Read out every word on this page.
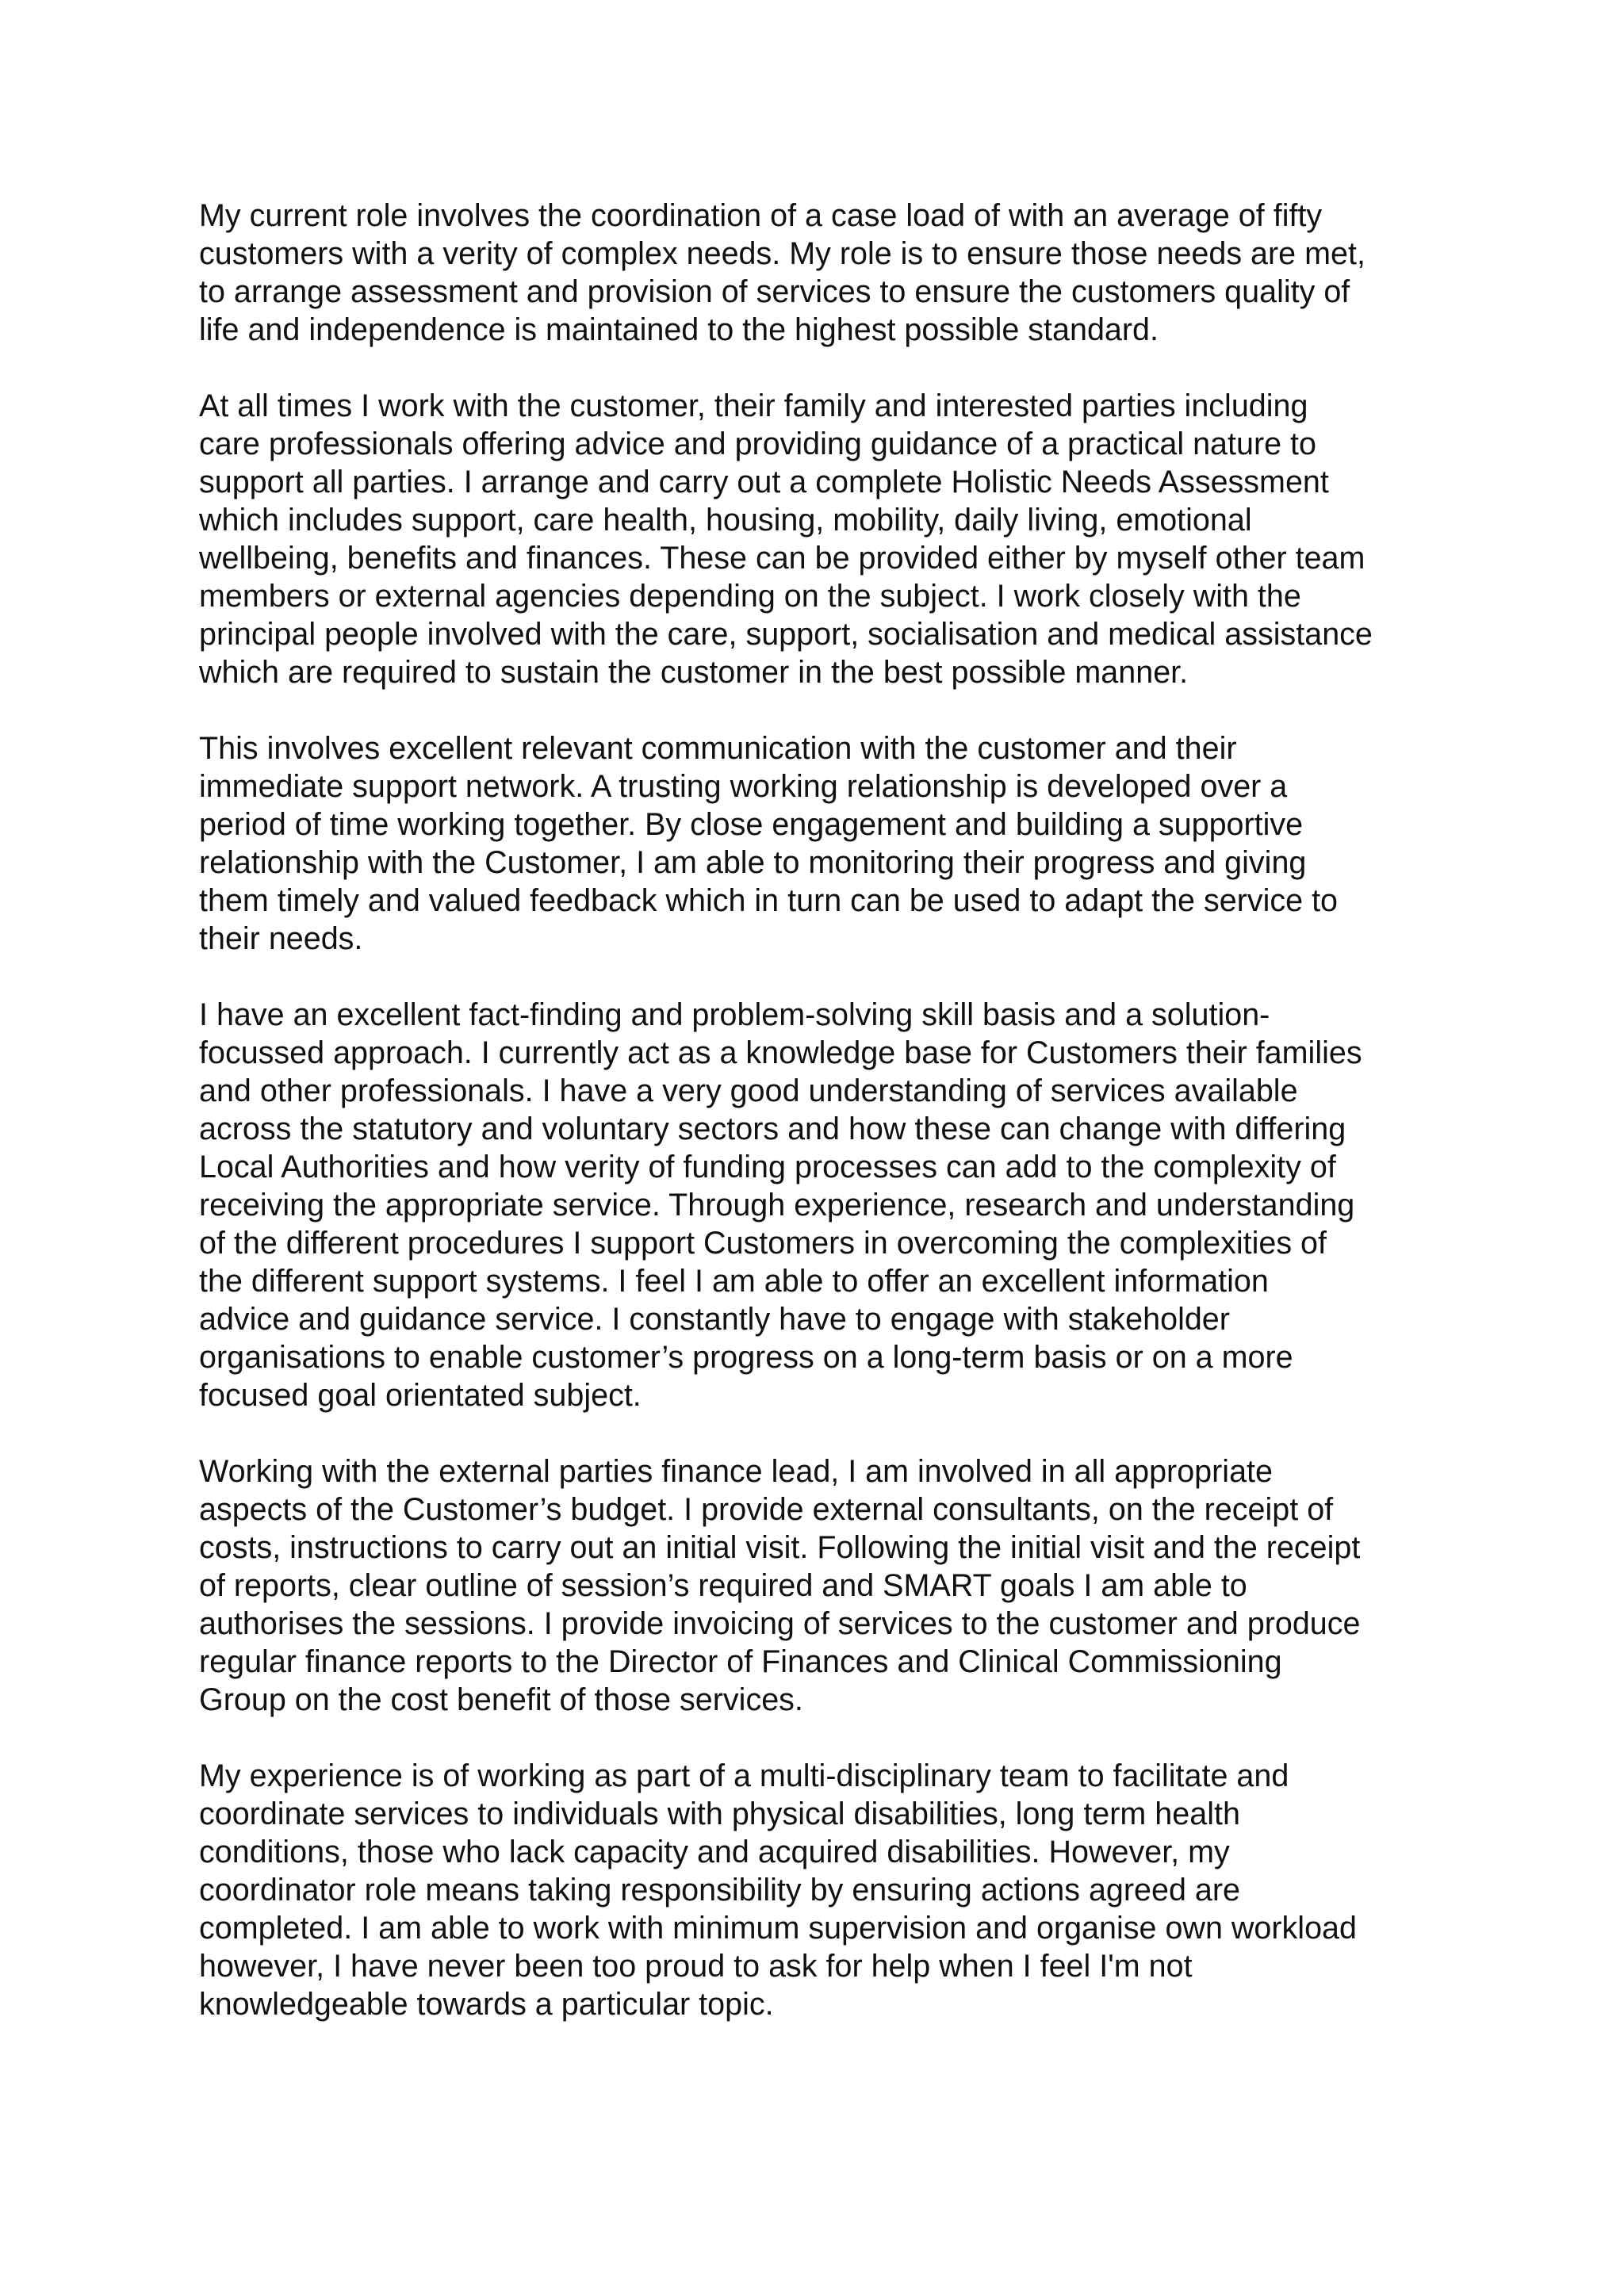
My current role involves the coordination of a case load of with an average of fifty
customers with a verity of complex needs. My role is to ensure those needs are met,
to arrange assessment and provision of services to ensure the customers quality of
life and independence is maintained to the highest possible standard.

At all times I work with the customer, their family and interested parties including
care professionals offering advice and providing guidance of a practical nature to
support all parties. I arrange and carry out a complete Holistic Needs Assessment
which includes support, care health, housing, mobility, daily living, emotional
wellbeing, benefits and finances. These can be provided either by myself other team
members or external agencies depending on the subject. I work closely with the
principal people involved with the care, support, socialisation and medical assistance
which are required to sustain the customer in the best possible manner.

This involves excellent relevant communication with the customer and their
immediate support network. A trusting working relationship is developed over a
period of time working together. By close engagement and building a supportive
relationship with the Customer, I am able to monitoring their progress and giving
them timely and valued feedback which in turn can be used to adapt the service to
their needs.

I have an excellent fact-finding and problem-solving skill basis and a solution-
focussed approach. I currently act as a knowledge base for Customers their families
and other professionals. I have a very good understanding of services available
across the statutory and voluntary sectors and how these can change with differing
Local Authorities and how verity of funding processes can add to the complexity of
receiving the appropriate service. Through experience, research and understanding
of the different procedures I support Customers in overcoming the complexities of
the different support systems. I feel I am able to offer an excellent information
advice and guidance service. I constantly have to engage with stakeholder
organisations to enable customer’s progress on a long-term basis or on a more
focused goal orientated subject.

Working with the external parties finance lead, I am involved in all appropriate
aspects of the Customer’s budget. I provide external consultants, on the receipt of
costs, instructions to carry out an initial visit. Following the initial visit and the receipt
of reports, clear outline of session’s required and SMART goals I am able to
authorises the sessions. I provide invoicing of services to the customer and produce
regular finance reports to the Director of Finances and Clinical Commissioning
Group on the cost benefit of those services.

My experience is of working as part of a multi-disciplinary team to facilitate and
coordinate services to individuals with physical disabilities, long term health
conditions, those who lack capacity and acquired disabilities. However, my
coordinator role means taking responsibility by ensuring actions agreed are
completed. I am able to work with minimum supervision and organise own workload
however, I have never been too proud to ask for help when I feel I'm not
knowledgeable towards a particular topic.
